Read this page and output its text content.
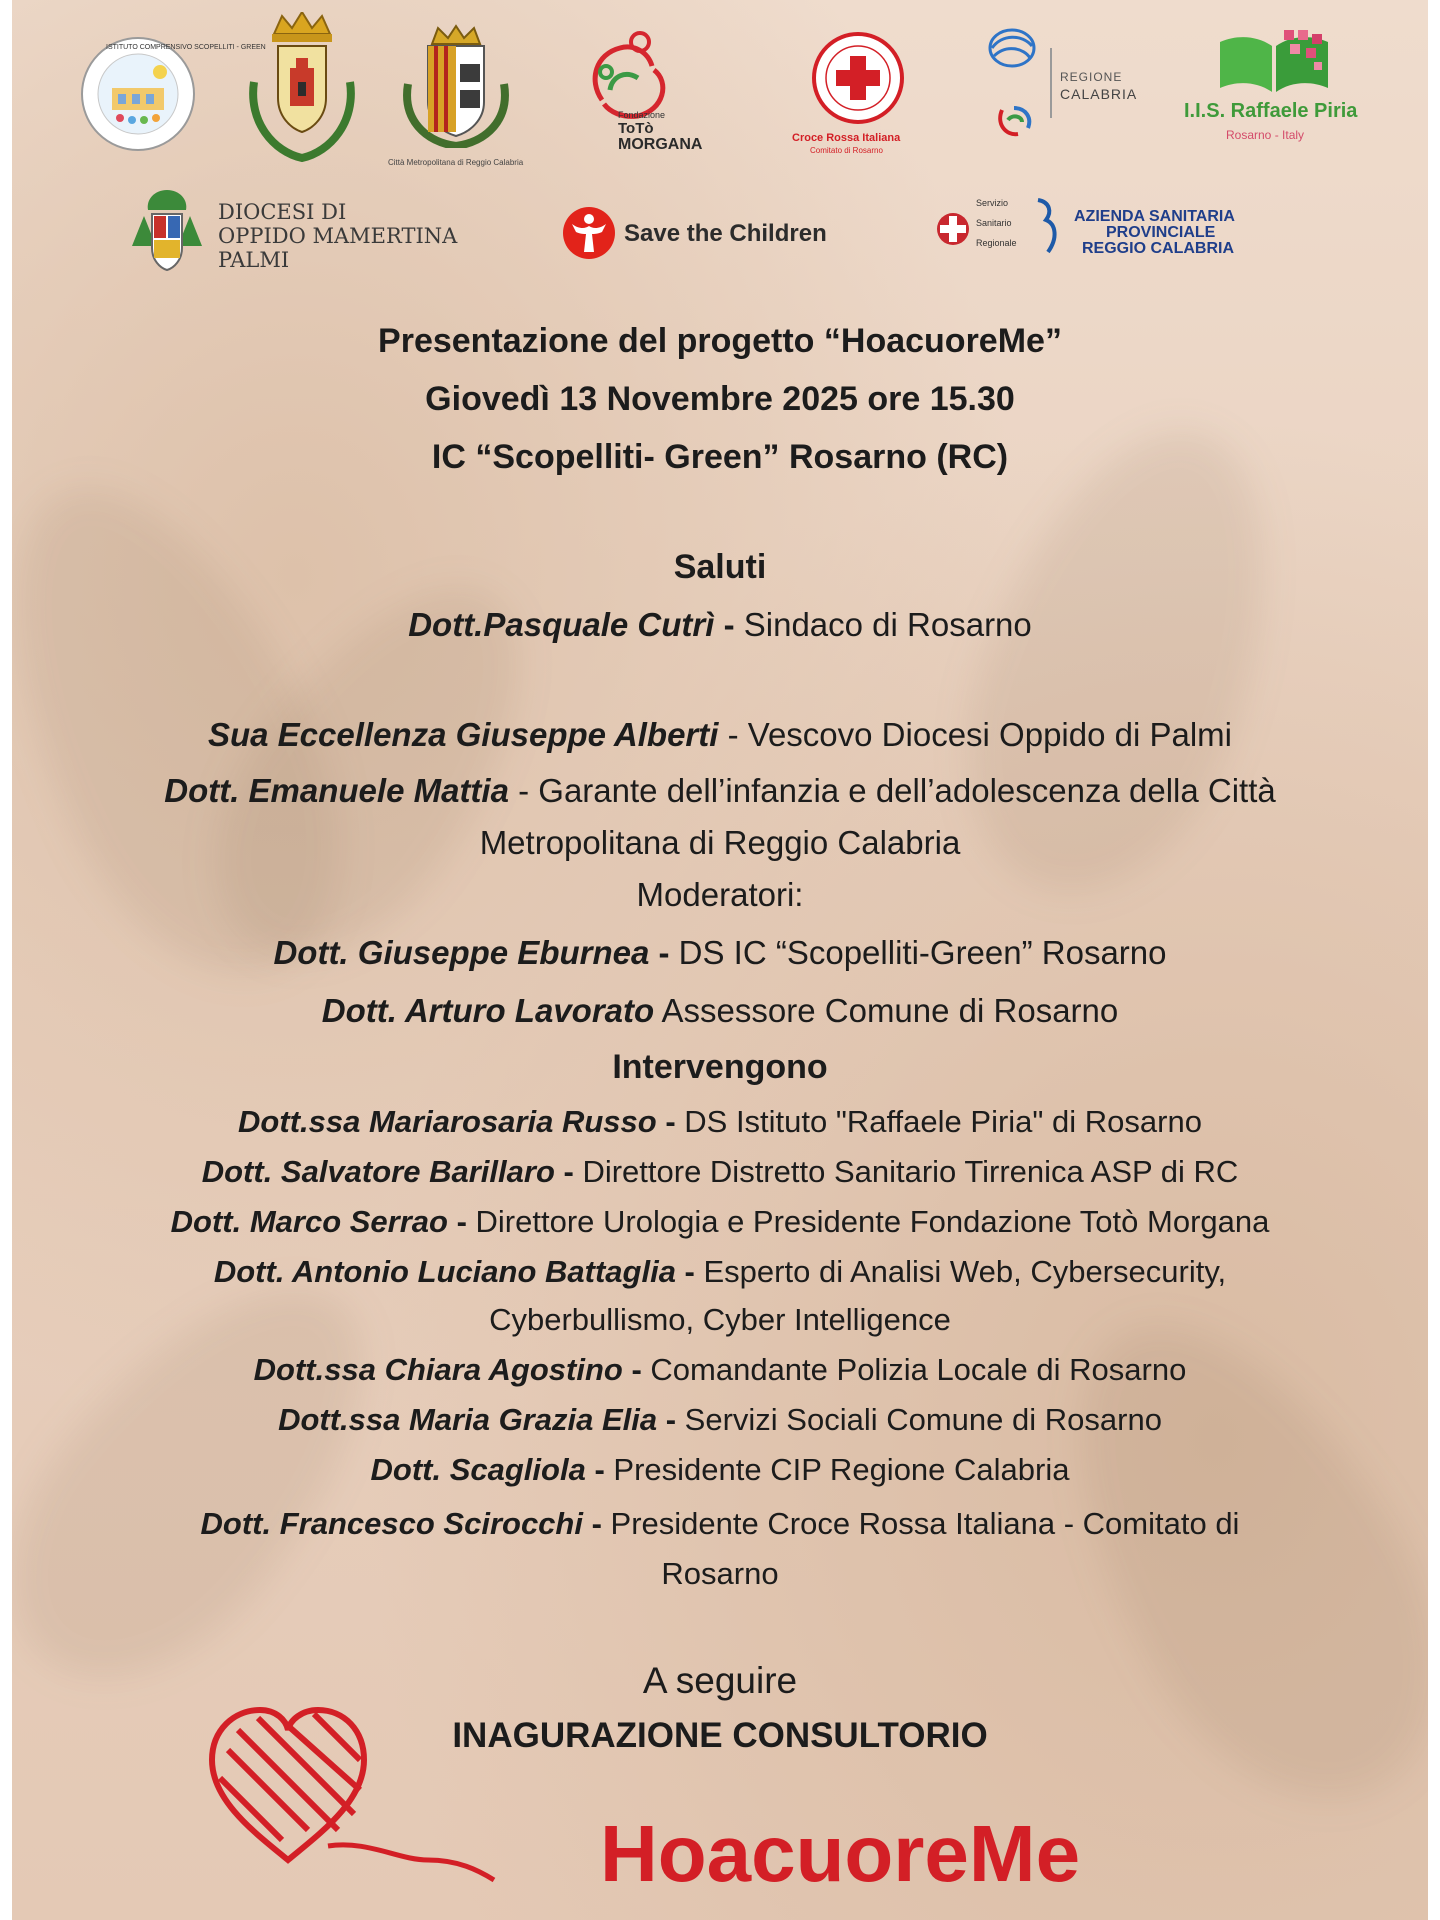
ISTITUTO COMPRENSIVO SCOPELLITI - GREEN
Città Metropolitana di Reggio Calabria
Fondazione
ToTò
MORGANA	Croce Rossa Italiana
Comitato di Rosarno
REGIONE
CALABRIA
I.I.S. Raffaele Piria
Rosarno - Italy
DIOCESI DI
OPPIDO MAMERTINA
PALMI
Save the Children
Servizio
Sanitario
Regionale
AZIENDA SANITARIA
PROVINCIALE
REGGIO CALABRIA
Presentazione del progetto “HoacuoreMe”
Giovedì 13 Novembre 2025 ore 15.30
IC “Scopelliti- Green” Rosarno (RC)
Saluti
Dott.Pasquale Cutrì - Sindaco di Rosarno
Sua Eccellenza Giuseppe Alberti - Vescovo Diocesi Oppido di Palmi
Dott. Emanuele Mattia - Garante dell’infanzia e dell’adolescenza della Città
Metropolitana di Reggio Calabria
Moderatori:
Dott. Giuseppe Eburnea - DS IC “Scopelliti-Green” Rosarno
Dott. Arturo Lavorato Assessore Comune di Rosarno
Intervengono
Dott.ssa Mariarosaria Russo - DS Istituto "Raffaele Piria" di Rosarno
Dott. Salvatore Barillaro - Direttore Distretto Sanitario Tirrenica ASP di RC
Dott. Marco Serrao - Direttore Urologia e Presidente Fondazione Totò Morgana
Dott. Antonio Luciano Battaglia - Esperto di Analisi Web, Cybersecurity,
Cyberbullismo, Cyber Intelligence
Dott.ssa Chiara Agostino - Comandante Polizia Locale di Rosarno
Dott.ssa Maria Grazia Elia - Servizi Sociali Comune di Rosarno
Dott. Scagliola - Presidente CIP Regione Calabria
Dott. Francesco Scirocchi - Presidente Croce Rossa Italiana - Comitato di
Rosarno
A seguire
INAGURAZIONE CONSULTORIO
HoacuoreMe
